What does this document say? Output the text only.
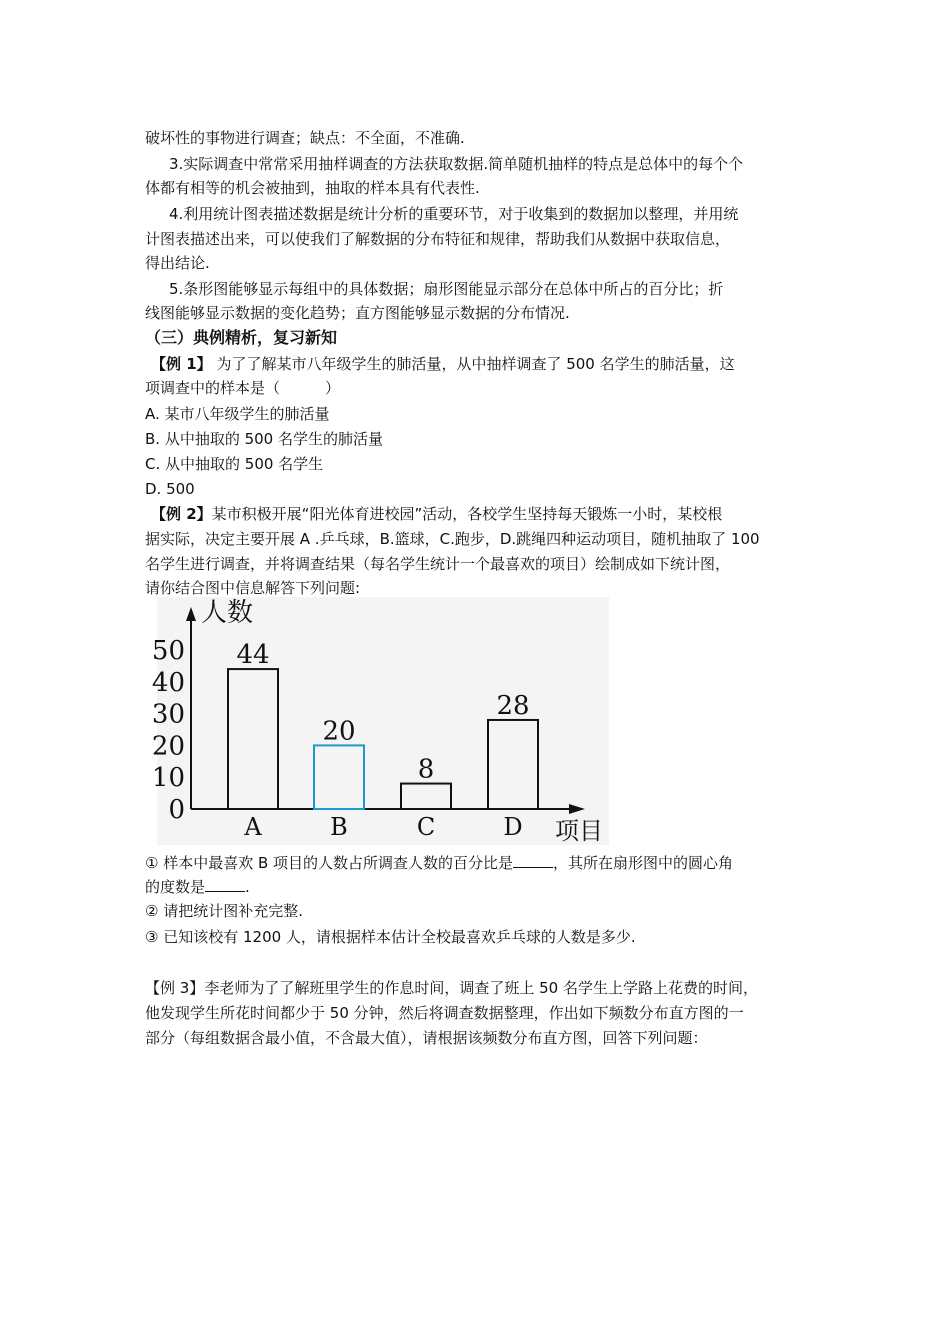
破坏性的事物进行调查；缺点：不全面，不准确.
3.实际调查中常常采用抽样调查的方法获取数据.简单随机抽样的特点是总体中的每个个
体都有相等的机会被抽到，抽取的样本具有代表性.
4.利用统计图表描述数据是统计分析的重要环节，对于收集到的数据加以整理，并用统
计图表描述出来，可以使我们了解数据的分布特征和规律，帮助我们从数据中获取信息，
得出结论.
5.条形图能够显示每组中的具体数据；扇形图能显示部分在总体中所占的百分比；折
线图能够显示数据的变化趋势；直方图能够显示数据的分布情况.
（三）典例精析，复习新知
【例 1】 为了了解某市八年级学生的肺活量，从中抽样调查了 500 名学生的肺活量，这
项调查中的样本是（　　　）
A. 某市八年级学生的肺活量
B. 从中抽取的 500 名学生的肺活量
C. 从中抽取的 500 名学生
D. 500
【例 2】某市积极开展“阳光体育进校园”活动，各校学生坚持每天锻炼一小时，某校根
据实际，决定主要开展 A .乒乓球，B.篮球，C.跑步，D.跳绳四种运动项目，随机抽取了 100
名学生进行调查，并将调查结果（每名学生统计一个最喜欢的项目）绘制成如下统计图，
请你结合图中信息解答下列问题:
① 样本中最喜欢 B 项目的人数占所调查人数的百分比是	，其所在扇形图中的圆心角
的度数是	.
② 请把统计图补充完整.
③ 已知该校有 1200 人，请根据样本估计全校最喜欢乒乓球的人数是多少.
【例 3】李老师为了了解班里学生的作息时间，调查了班上 50 名学生上学路上花费的时间，
他发现学生所花时间都少于 50 分钟，然后将调查数据整理，作出如下频数分布直方图的一
部分（每组数据含最小值，不含最大值），请根据该频数分布直方图，回答下列问题：
人数
项目
0
10
20
30
40
50 44
A
20
B
8
C
28
D
